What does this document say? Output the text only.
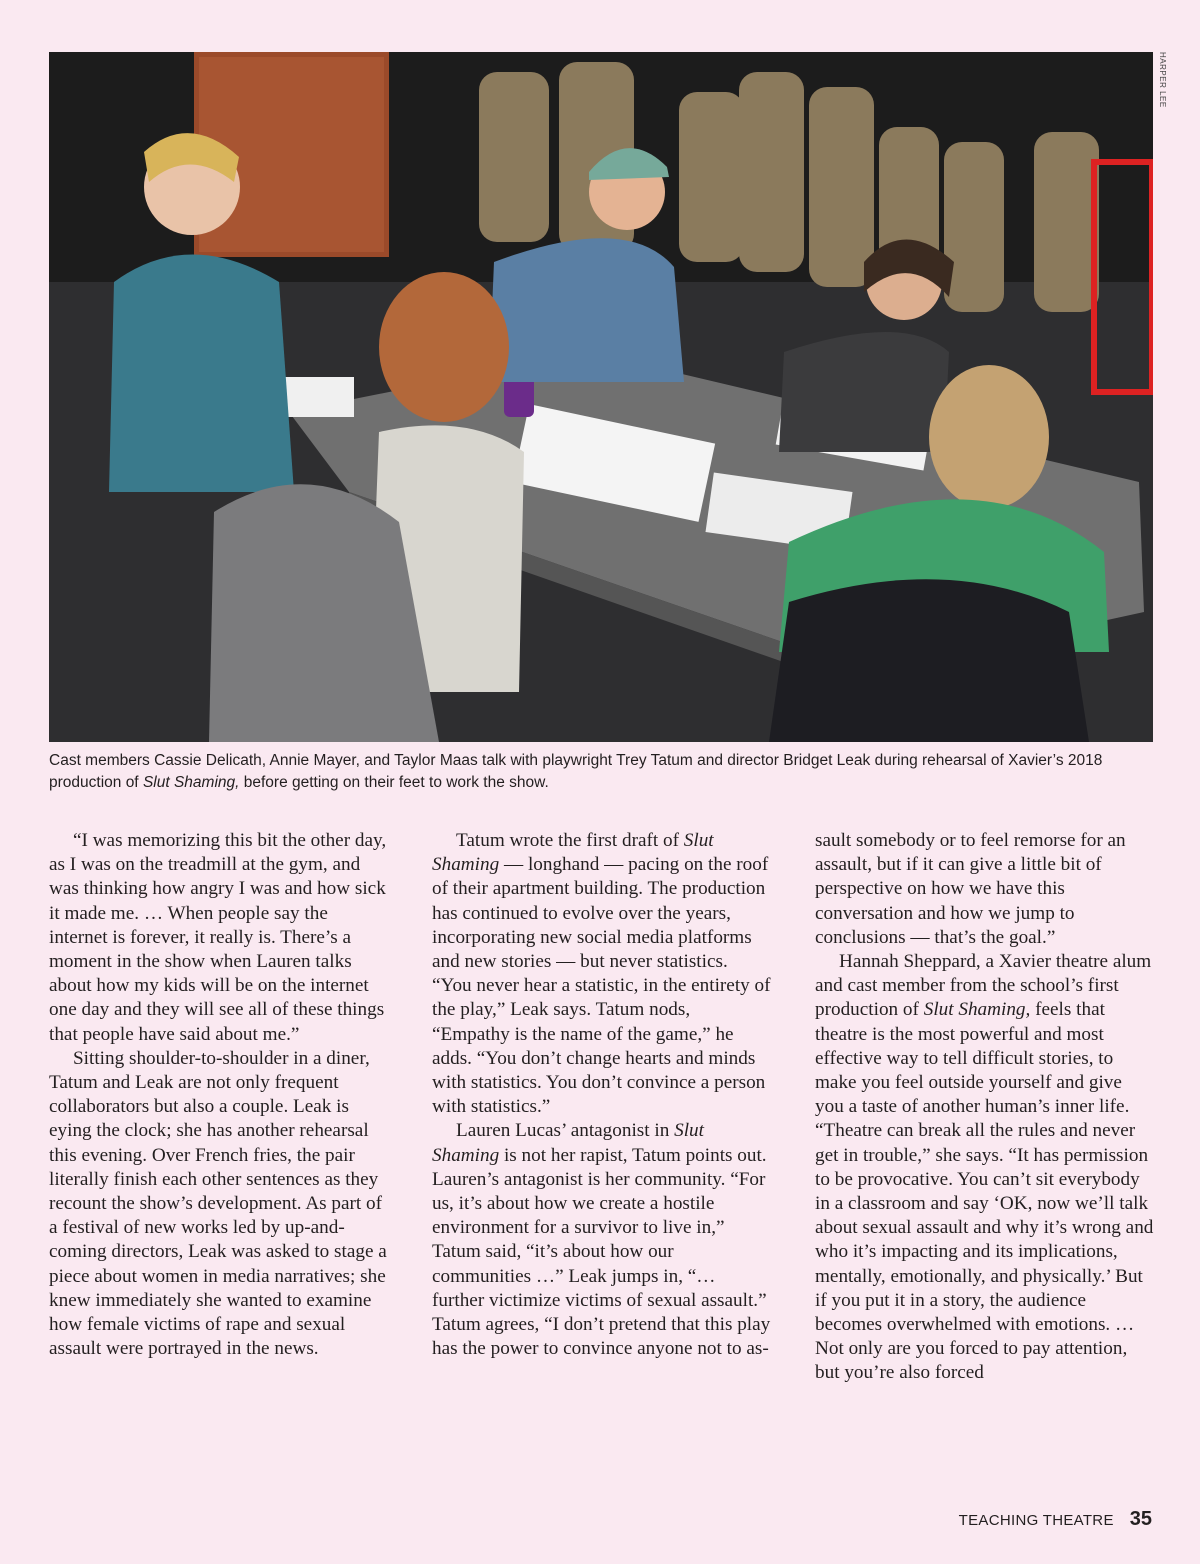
HARPER LEE
Cast members Cassie Delicath, Annie Mayer, and Taylor Maas talk with playwright Trey Tatum and director Bridget Leak during rehearsal of Xavier’s 2018 production of Slut Shaming, before getting on their feet to work the show.

“I was memorizing this bit the other day, as I was on the treadmill at the gym, and was thinking how angry I was and how sick it made me. … When people say the internet is forever, it really is. There’s a moment in the show when Lauren talks about how my kids will be on the internet one day and they will see all of these things that people have said about me.”

Sitting shoulder-to-shoulder in a diner, Tatum and Leak are not only frequent collaborators but also a couple. Leak is eying the clock; she has another rehearsal this evening. Over French fries, the pair literally finish each other sentences as they recount the show’s development. As part of a festival of new works led by up-and-coming directors, Leak was asked to stage a piece about women in media narratives; she knew immediately she wanted to examine how female victims of rape and sexual assault were portrayed in the news.

Tatum wrote the first draft of Slut Shaming — longhand — pacing on the roof of their apartment building. The production has continued to evolve over the years, incorporating new social media platforms and new stories — but never statistics. “You never hear a statistic, in the entirety of the play,” Leak says. Tatum nods, “Empathy is the name of the game,” he adds. “You don’t change hearts and minds with statistics. You don’t convince a person with statistics.”

Lauren Lucas’ antagonist in Slut Shaming is not her rapist, Tatum points out. Lauren’s antagonist is her community. “For us, it’s about how we create a hostile environment for a survivor to live in,” Tatum said, “it’s about how our communities …” Leak jumps in, “… further victimize victims of sexual assault.” Tatum agrees, “I don’t pretend that this play has the power to convince anyone not to as-

sault somebody or to feel remorse for an assault, but if it can give a little bit of perspective on how we have this conversation and how we jump to conclusions — that’s the goal.”

Hannah Sheppard, a Xavier theatre alum and cast member from the school’s first production of Slut Shaming, feels that theatre is the most powerful and most effective way to tell difficult stories, to make you feel outside yourself and give you a taste of another human’s inner life. “Theatre can break all the rules and never get in trouble,” she says. “It has permission to be provocative. You can’t sit everybody in a classroom and say ‘OK, now we’ll talk about sexual assault and why it’s wrong and who it’s impacting and its implications, mentally, emotionally, and physically.’ But if you put it in a story, the audience becomes overwhelmed with emotions. … Not only are you forced to pay attention, but you’re also forced

TEACHING THEATRE 35
